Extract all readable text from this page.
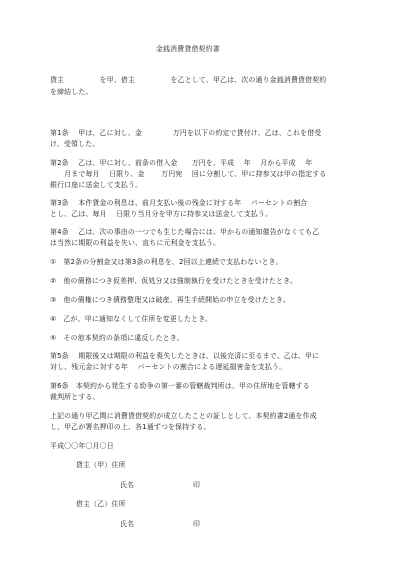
金銭消費貸借契約書
貸主　　　　　を甲、借主　　　　　を乙として、甲乙は、次の通り金銭消費貸借契約
を締結した。
第1条　 甲は、乙に対し、金　　　　 万円を以下の約定で貸付け、乙は、これを借受
け、受領した。
第2条　 乙は、甲に対し、前条の借入金　　万円を、平成　 年　 月から平成　 年
　　月まで毎月　 日限り、金　　 万円宛　 回に分割して、甲に持参又は甲の指定する
銀行口座に送金して支払う。
第3条　 本件貸金の利息は、前月支払い後の残金に対する年　 パーセントの割合
とし、乙は、毎月　 日限り当月分を甲方に持参又は送金して支払う。
第4条　 乙は、次の事由の一つでも生じた場合には、甲からの通知催告がなくても乙
は当然に期限の利益を失い、直ちに元利金を支払う。
①　第2条の分割金又は第3条の利息を、2回以上連続で支払わないとき。
②　他の債務につき仮差押、仮処分又は強制執行を受けたときを受けたとき。
③　他の債権につき債務整理又は破産、再生手続開始の申立を受けたとき。
④　乙が、甲に通知なくして住所を変更したとき。
⑤　その他本契約の条項に違反したとき。
第5条　 期限後又は期限の利益を喪失したときは、以後完済に至るまで、乙は、甲に
対し、残元金に対する年　 パーセントの割合による遅延損害金を支払う。
第6条　本契約から発生する紛争の第一審の管轄裁判所は、甲の住所地を管轄する
裁判所とする。
上記の通り甲乙間に消費貸借契約が成立したことの証しとして、本契約書2通を作成
し、甲乙が署名押印の上、各1通ずつを保持する。
平成〇〇年〇月〇日
貸主（甲）住所
氏名	印
借主（乙）住所
氏名	印
